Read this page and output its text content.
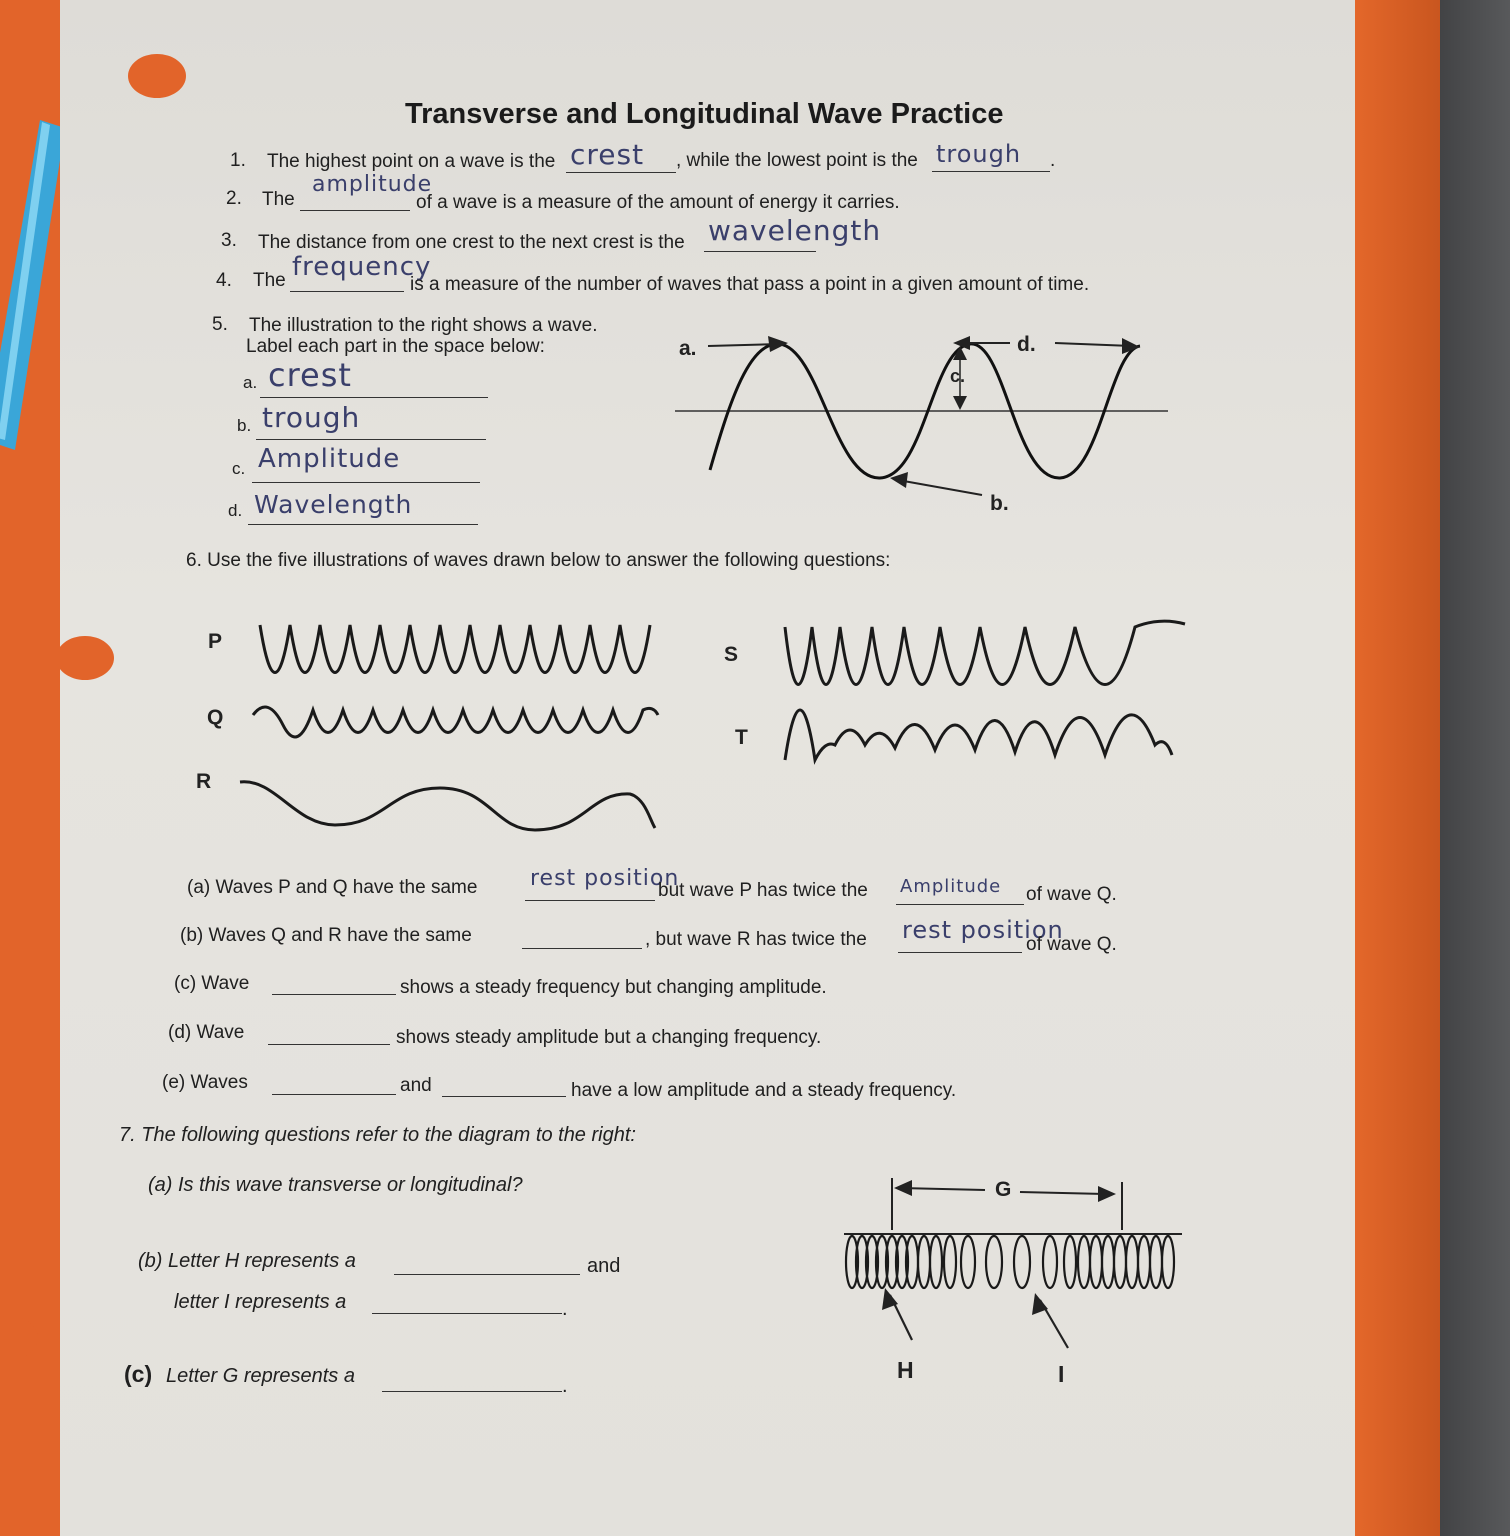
Transverse and Longitudinal Wave Practice
1. The highest point on a wave is the crest , while the lowest point is the trough .
2. The
amplitude
of a wave is a measure of the amount of energy it carries.
3. The distance from one crest to the next crest is the wavelength
4. The frequency
is a measure of the number of waves that pass a point in a given amount of time.
5. The illustration to the right shows a wave.
Label each part in the space below:
a. crest
b. trough
c. Amplitude
d. Wavelength
a.	d.
c.
b.
6. Use the five illustrations of waves drawn below to answer the following questions:
P
Q
R
S
T
(a) Waves P and Q have the same rest position
but wave P has twice the Amplitude of wave Q.
(b) Waves Q and R have the same	, but wave R has twice the rest position
of wave Q.
(c) Wave	shows a steady frequency but changing amplitude.
(d) Wave	shows steady amplitude but a changing frequency.
(e) Waves	and	have a low amplitude and a steady frequency.
7. The following questions refer to the diagram to the right:
(a) Is this wave transverse or longitudinal?
(b) Letter H represents a	and
letter I represents a	.
(c) Letter G represents a	.
G
H	I
